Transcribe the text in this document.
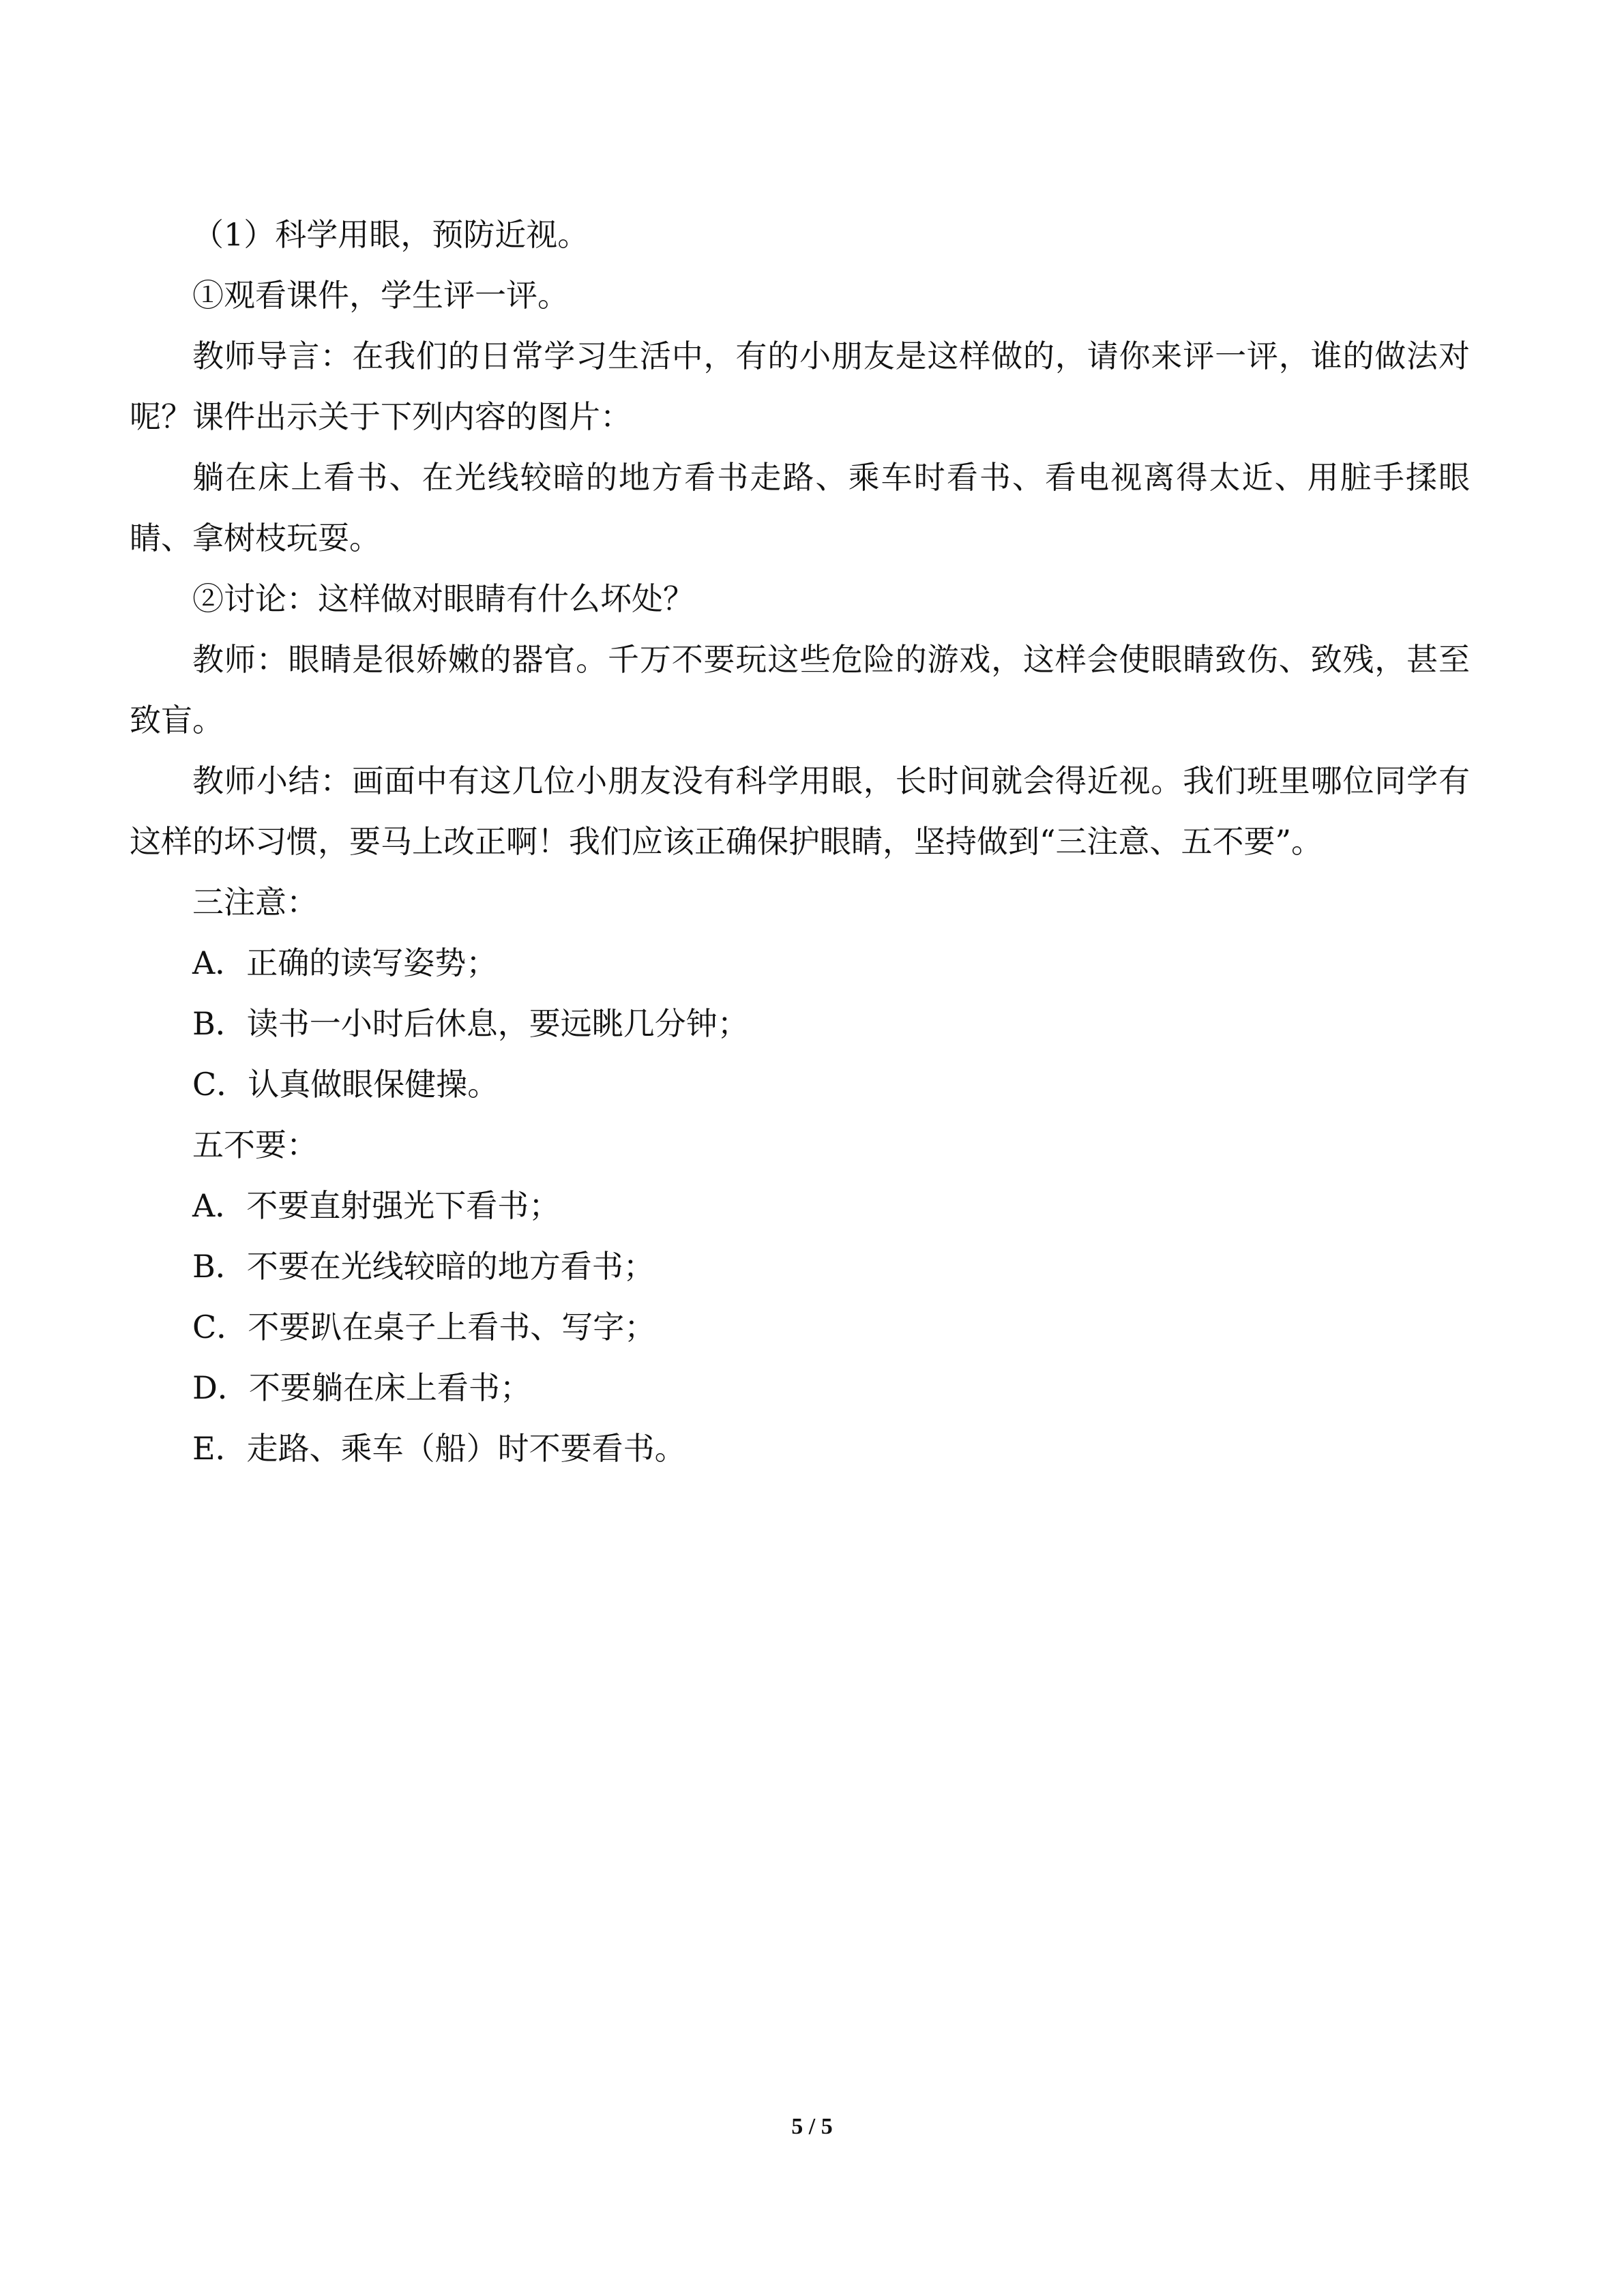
（1）科学用眼，预防近视。

①观看课件，学生评一评。

教师导言：在我们的日常学习生活中，有的小朋友是这样做的，请你来评一评，谁的做法对呢？课件出示关于下列内容的图片：

躺在床上看书、在光线较暗的地方看书走路、乘车时看书、看电视离得太近、用脏手揉眼睛、拿树枝玩耍。

②讨论：这样做对眼睛有什么坏处？

教师：眼睛是很娇嫩的器官。千万不要玩这些危险的游戏，这样会使眼睛致伤、致残，甚至致盲。

教师小结：画面中有这几位小朋友没有科学用眼，长时间就会得近视。我们班里哪位同学有这样的坏习惯，要马上改正啊！我们应该正确保护眼睛，坚持做到“三注意、五不要”。

三注意：

A．正确的读写姿势；

B．读书一小时后休息，要远眺几分钟；

C．认真做眼保健操。

五不要：

A．不要直射强光下看书；

B．不要在光线较暗的地方看书；

C．不要趴在桌子上看书、写字；

D．不要躺在床上看书；

E．走路、乘车（船）时不要看书。

5 / 5
